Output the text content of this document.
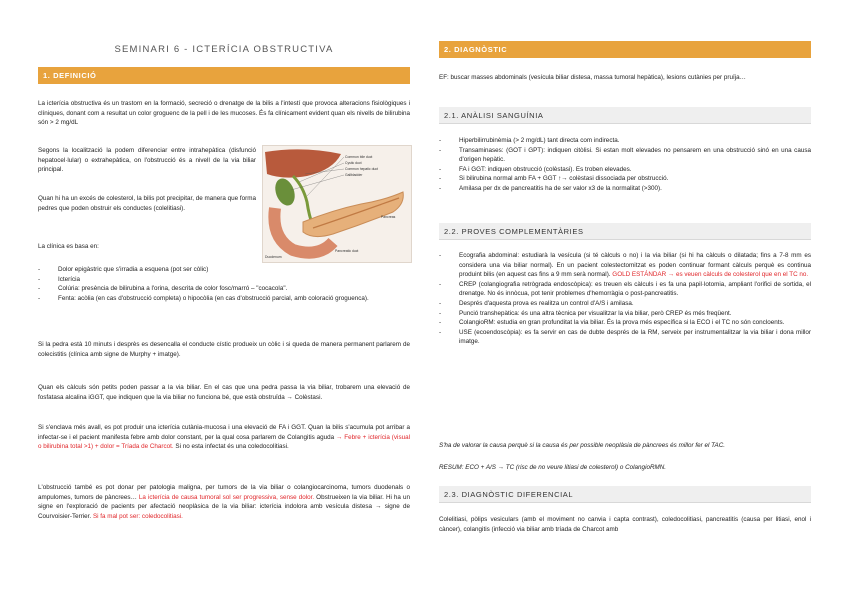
SEMINARI 6 - ICTERÍCIA OBSTRUCTIVA
1. DEFINICIÓ
La icterícia obstructiva és un trastorn en la formació, secreció o drenatge de la bilis a l'intestí que provoca alteracions fisiològiques i clíniques, donant com a resultat un color groguenc de la pell i de les mucoses. És fa clínicament evident quan els nivells de bilirubina són > 2 mg/dL
Segons la localització la podem diferenciar entre intrahepàtica (disfunció hepatocel·lular) o extrahepàtica, on l'obstrucció és a nivell de la via biliar principal.
Quan hi ha un excés de colesterol, la bilis pot precipitar, de manera que forma pedres que poden obstruir els conductes (colelitiasi).
La clínica es basa en:
Common bile duct
Cystic duct
Common hepatic duct
Gallbladder
Pancreas
Duodenum
Pancreatic duct
-	Dolor epigàstric que s'irradia a esquena (pot ser còlic)
-	Icterícia
-	Colúria: presència de bilirubina a l'orina, descrita de color fosc/marró – "cocacola".
-	Fenta: acòlia (en cas d'obstrucció completa) o hipocòlia (en cas d'obstrucció parcial, amb coloració groguenca).
Si la pedra està 10 minuts i desprès es desencalla el conducte cístic produeix un còlic i si queda de manera permanent parlarem de colecistitis (clínica amb signe de Murphy + imatge).
Quan els càlculs són petits poden passar a la via biliar. En el cas que una pedra passa la via biliar, trobarem una elevació de fosfatasa alcalina iGGT, que indiquen que la via biliar no funciona bé, que està obstruïda → Colèstasi.
Si s'enclava més avall, es pot produir una icterícia cutània-mucosa i una elevació de FA i GGT. Quan la bilis s'acumula pot arribar a infectar-se i el pacient manifesta febre amb dolor constant, per la qual cosa parlarem de Colangitis aguda → Febre + icterícia (visual o bilirubina total >1) + dolor = Tríada de Charcot. Si no esta infectat és una coledocolitiasi.
L'obstrucció també es pot donar per patologia maligna, per tumors de la via biliar o colangiocarcinoma, tumors duodenals o ampulomes, tumors de pàncrees… La icterícia de causa tumoral sol ser progressiva, sense dolor. Obstrueixen la via biliar. Hi ha un signe en l'exploració de pacients per afectació neoplàsica de la via biliar: icterícia indolora amb vesícula distesa → signe de Courvoisier-Terrier. Si fa mal pot ser: coledocolitiasi.
2. DIAGNÒSTIC
EF: buscar masses abdominals (vesícula biliar distesa, massa tumoral hepàtica), lesions cutànies per pruïja…
2.1. ANÀLISI SANGUÍNIA
-	Hiperbilirrubinèmia (> 2 mg/dL) tant directa com indirecta.
-	Transaminases: (GOT i GPT): indiquen citòlisi. Si estan molt elevades no pensarem en una obstrucció sinó en una causa d'origen hepàtic.
-	FA i GGT: indiquen obstrucció (colèstasi). Es troben elevades.
-	Si bilirubina normal amb FA + GGT ↑→ colèstasi dissociada per obstrucció.
-	Amilasa per dx de pancreatitis ha de ser valor x3 de la normalitat (>300).
2.2. PROVES COMPLEMENTÀRIES
-	Ecografia abdominal: estudiarà la vesícula (si té càlculs o no) i la via biliar (si hi ha càlculs o dilatada; fins a 7-8 mm es considera una via biliar normal). En un pacient colestectomitzat es poden continuar formant càlculs perquè es continua produint bilis (en aquest cas fins a 9 mm serà normal). GOLD ESTÁNDAR → es veuen càlculs de colesterol que en el TC no.
-	CREP (colangiografia retrògrada endoscòpica): es treuen els càlculs i es fa una papil·lotomia, ampliant l'orifici de sortida, el drenatge. No és innòcua, pot tenir problemes d'hemorràgia o post-pancreatitis.
-	Després d'aquesta prova es realitza un control d'A/S i amilasa.
-	Punció transhepàtica: és una altra tècnica per visualitzar la via biliar, però CREP és més freqüent.
-	ColangioRM: estudia en gran profunditat la via biliar. És la prova més específica si la ECO i el TC no són concloents.
-	USE (ecoendoscòpia): es fa servir en cas de dubte després de la RM, serveix per instrumentalitzar la via biliar i dona millor imatge.
S'ha de valorar la causa perquè si la causa és per possible neoplàsia de pàncrees és millor fer el TAC.
RESUM: ECO + A/S → TC (risc de no veure litiasi de colesterol) o ColangioRMN.
2.3. DIAGNÒSTIC DIFERENCIAL
Colelitiasi, pòlips vesiculars (amb el moviment no canvia i capta contrast), coledocolitiasi, pancreatitis (causa per litiasi, enol i càncer), colangitis (infecció via biliar amb tríada de Charcot amb
